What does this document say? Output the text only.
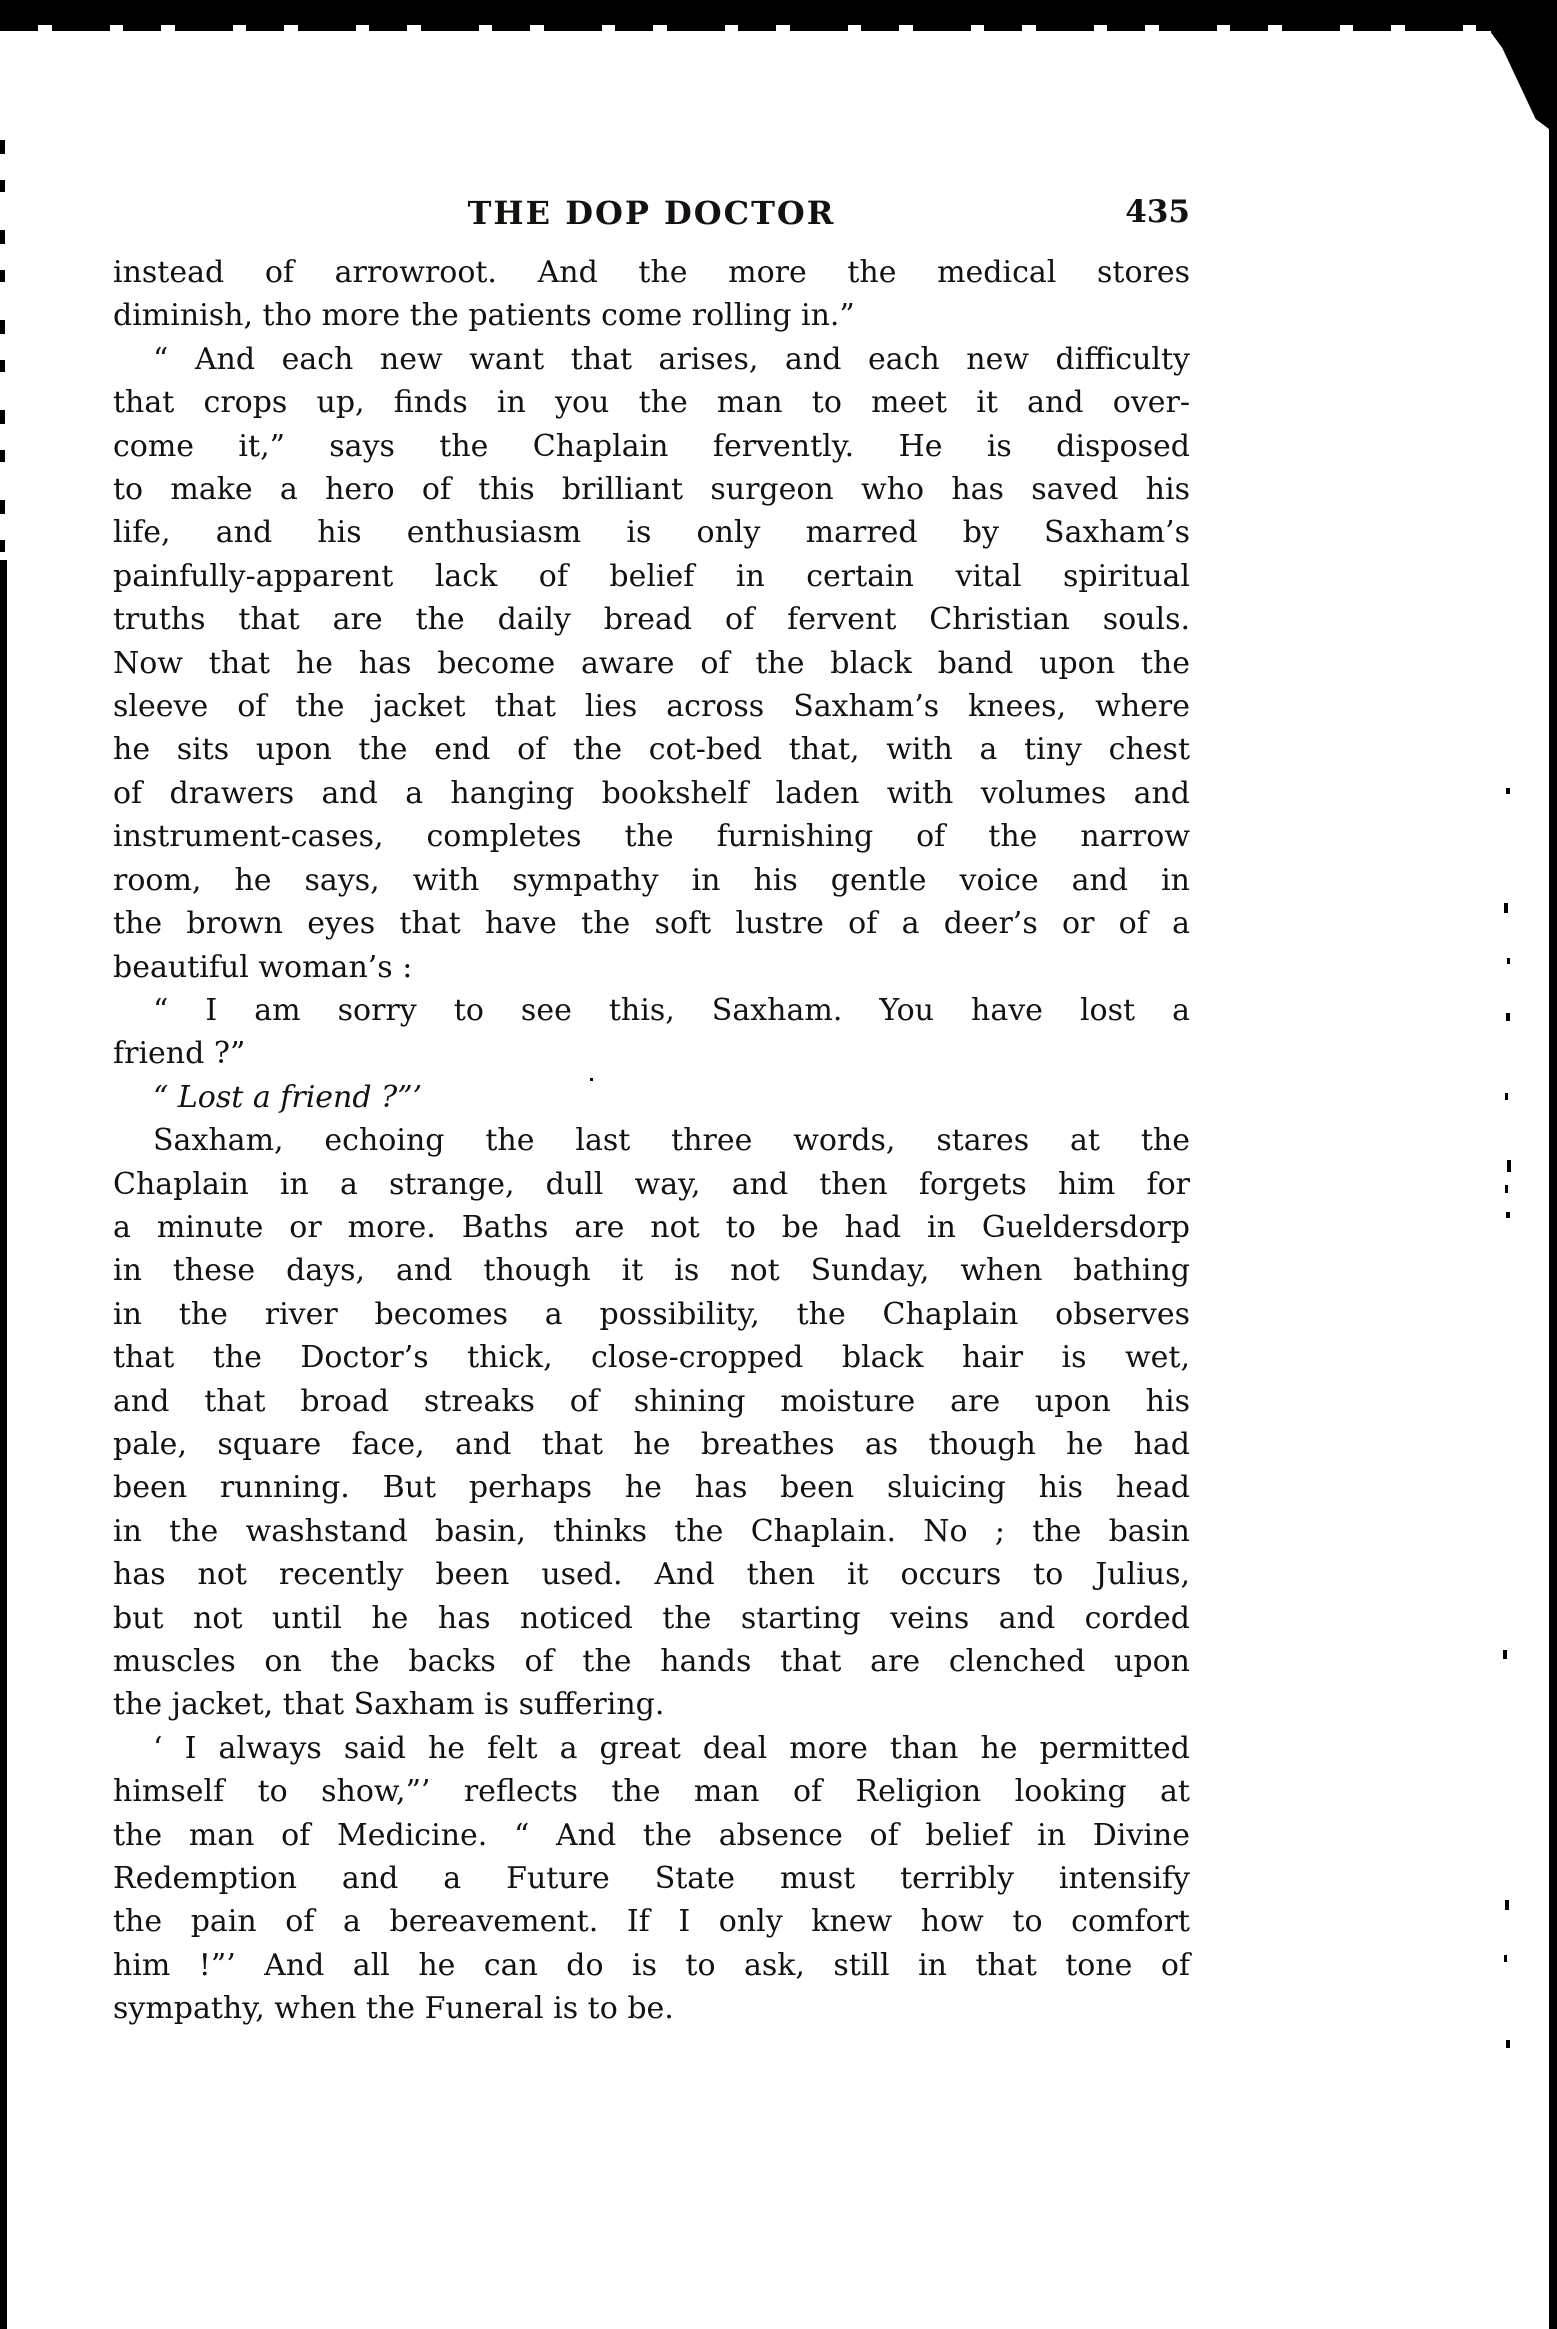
THE DOP DOCTOR	435
instead of arrowroot. And the more the medical stores
diminish, tho more the patients come rolling in.”
“ And each new want that arises, and each new difficulty
that crops up, finds in you the man to meet it and over-
come it,” says the Chaplain fervently. He is disposed
to make a hero of this brilliant surgeon who has saved his
life, and his enthusiasm is only marred by Saxham’s
painfully-apparent lack of belief in certain vital spiritual
truths that are the daily bread of fervent Christian souls.
Now that he has become aware of the black band upon the
sleeve of the jacket that lies across Saxham’s knees, where
he sits upon the end of the cot-bed that, with a tiny chest
of drawers and a hanging bookshelf laden with volumes and
instrument-cases, completes the furnishing of the narrow
room, he says, with sympathy in his gentle voice and in
the brown eyes that have the soft lustre of a deer’s or of a
beautiful woman’s :
“ I am sorry to see this, Saxham. You have lost a
friend ?”
“ Lost a friend ?”’
Saxham, echoing the last three words, stares at the
Chaplain in a strange, dull way, and then forgets him for
a minute or more. Baths are not to be had in Gueldersdorp
in these days, and though it is not Sunday, when bathing
in the river becomes a possibility, the Chaplain observes
that the Doctor’s thick, close-cropped black hair is wet,
and that broad streaks of shining moisture are upon his
pale, square face, and that he breathes as though he had
been running. But perhaps he has been sluicing his head
in the washstand basin, thinks the Chaplain. No ; the basin
has not recently been used. And then it occurs to Julius,
but not until he has noticed the starting veins and corded
muscles on the backs of the hands that are clenched upon
the jacket, that Saxham is suffering.
‘ I always said he felt a great deal more than he permitted
himself to show,”’ reflects the man of Religion looking at
the man of Medicine. “ And the absence of belief in Divine
Redemption and a Future State must terribly intensify
the pain of a bereavement. If I only knew how to comfort
him !”’ And all he can do is to ask, still in that tone of
sympathy, when the Funeral is to be.
